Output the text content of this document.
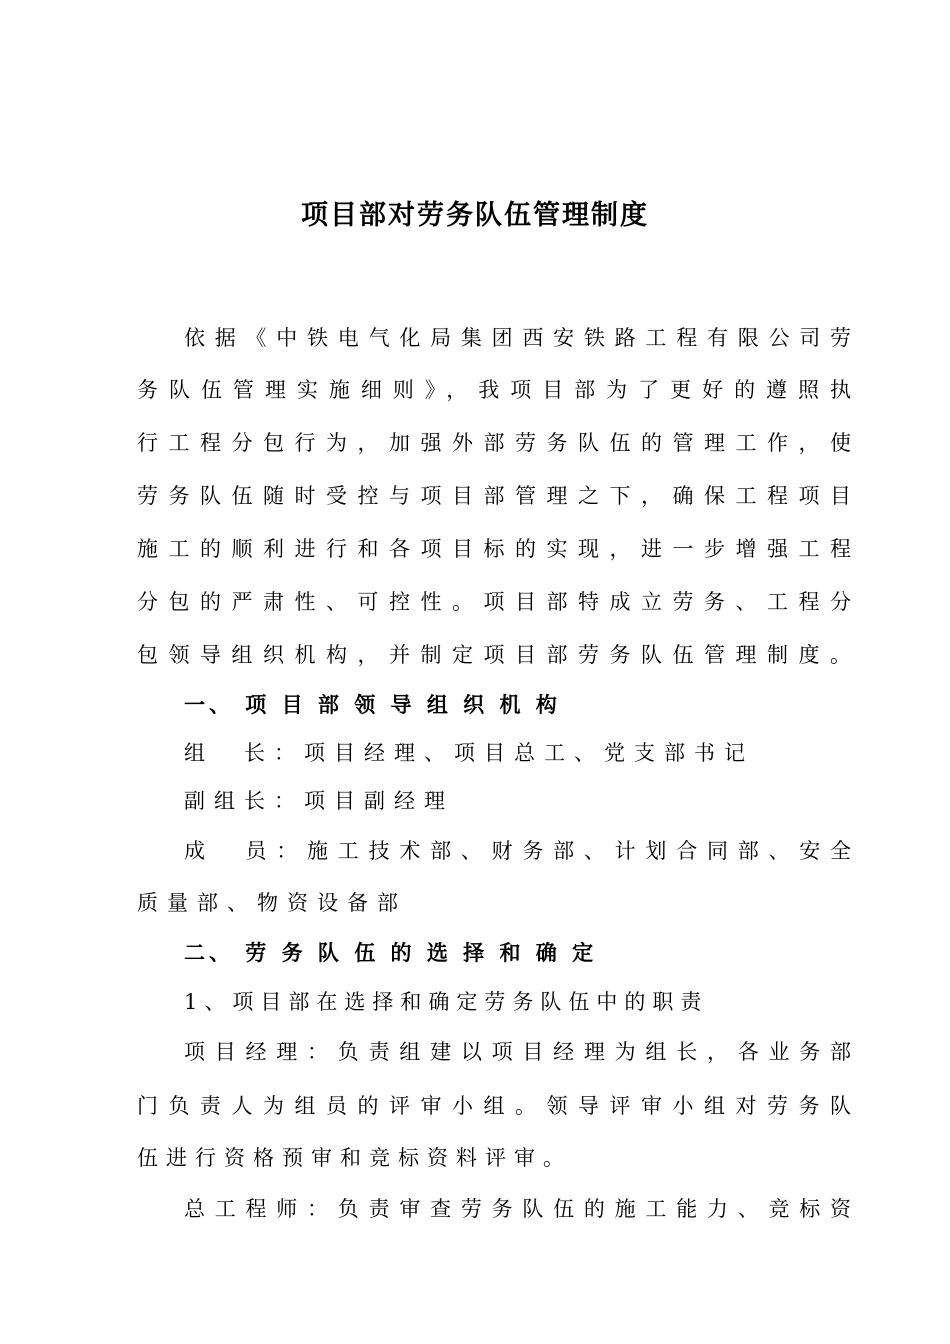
项目部对劳务队伍管理制度
依据《中铁电气化局集团西安铁路工程有限公司劳
务队伍管理实施细则》，我项目部为了更好的遵照执
行工程分包行为，加强外部劳务队伍的管理工作，使
劳务队伍随时受控与项目部管理之下，确保工程项目
施工的顺利进行和各项目标的实现，进一步增强工程
分包的严肃性、可控性。项目部特成立劳务、工程分
包领导组织机构，并制定项目部劳务队伍管理制度。
一、 项 目 部 领 导 组 织 机 构
组　长：项目经理、项目总工、党支部书记
副组长：项目副经理
成　员：施工技术部、财务部、计划合同部、安全
质量部、物资设备部
二、 劳 务 队 伍 的 选 择 和 确 定
1、项目部在选择和确定劳务队伍中的职责
项目经理：负责组建以项目经理为组长，各业务部
门负责人为组员的评审小组。领导评审小组对劳务队
伍进行资格预审和竞标资料评审。
总工程师：负责审查劳务队伍的施工能力、竞标资
